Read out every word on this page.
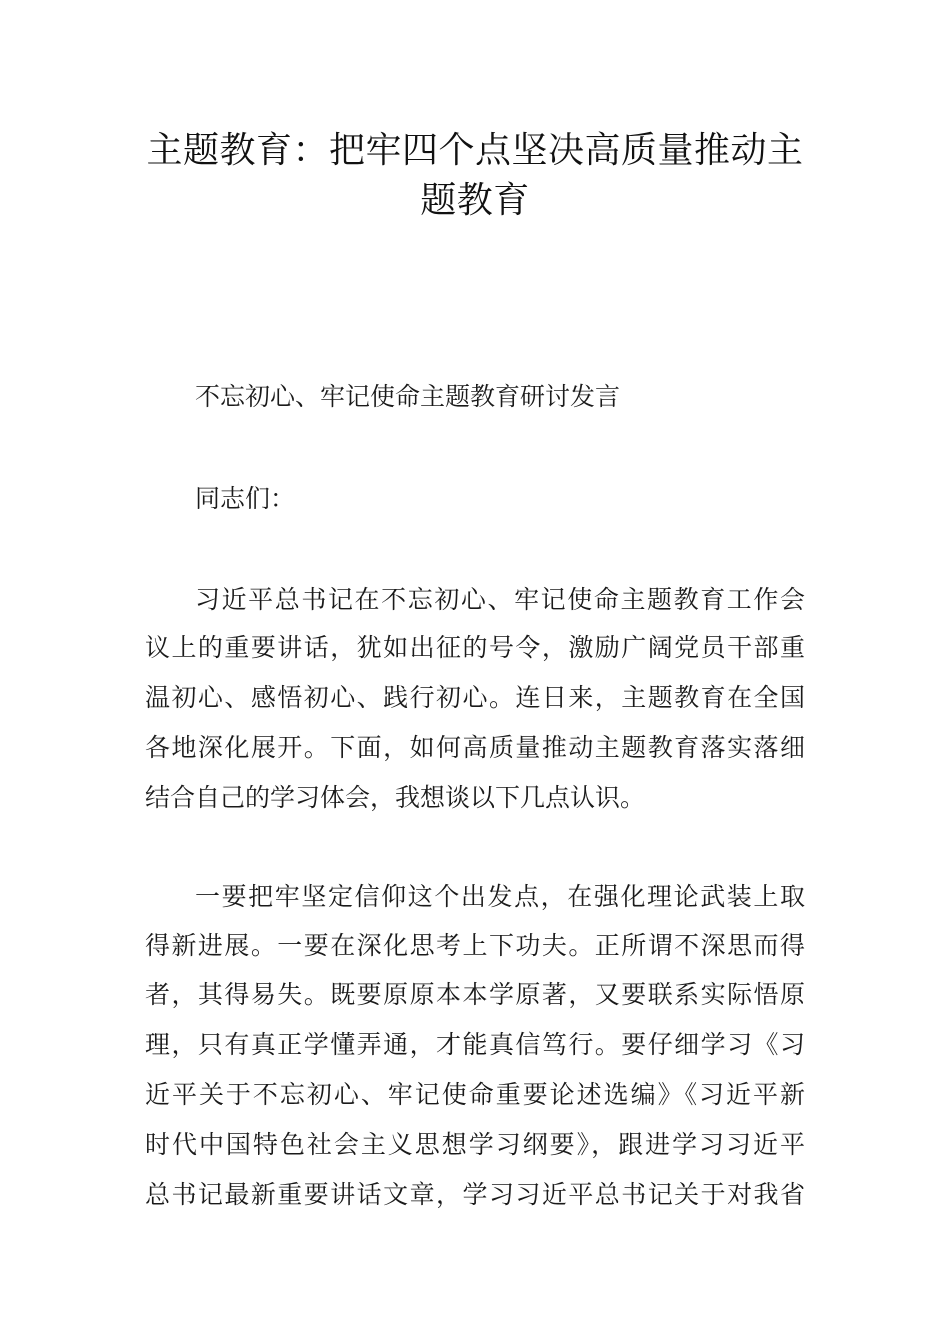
主题教育：把牢四个点坚决高质量推动主
题教育

不忘初心、牢记使命主题教育研讨发言

同志们：

习近平总书记在不忘初心、牢记使命主题教育工作会

议上的重要讲话，犹如出征的号令，激励广阔党员干部重

温初心、感悟初心、践行初心。连日来，主题教育在全国

各地深化展开。下面，如何高质量推动主题教育落实落细

结合自己的学习体会，我想谈以下几点认识。

一要把牢坚定信仰这个出发点，在强化理论武装上取

得新进展。一要在深化思考上下功夫。正所谓不深思而得

者，其得易失。既要原原本本学原著，又要联系实际悟原

理，只有真正学懂弄通，才能真信笃行。要仔细学习《习

近平关于不忘初心、牢记使命重要论述选编》《习近平新

时代中国特色社会主义思想学习纲要》，跟进学习习近平

总书记最新重要讲话文章，学习习近平总书记关于对我省
